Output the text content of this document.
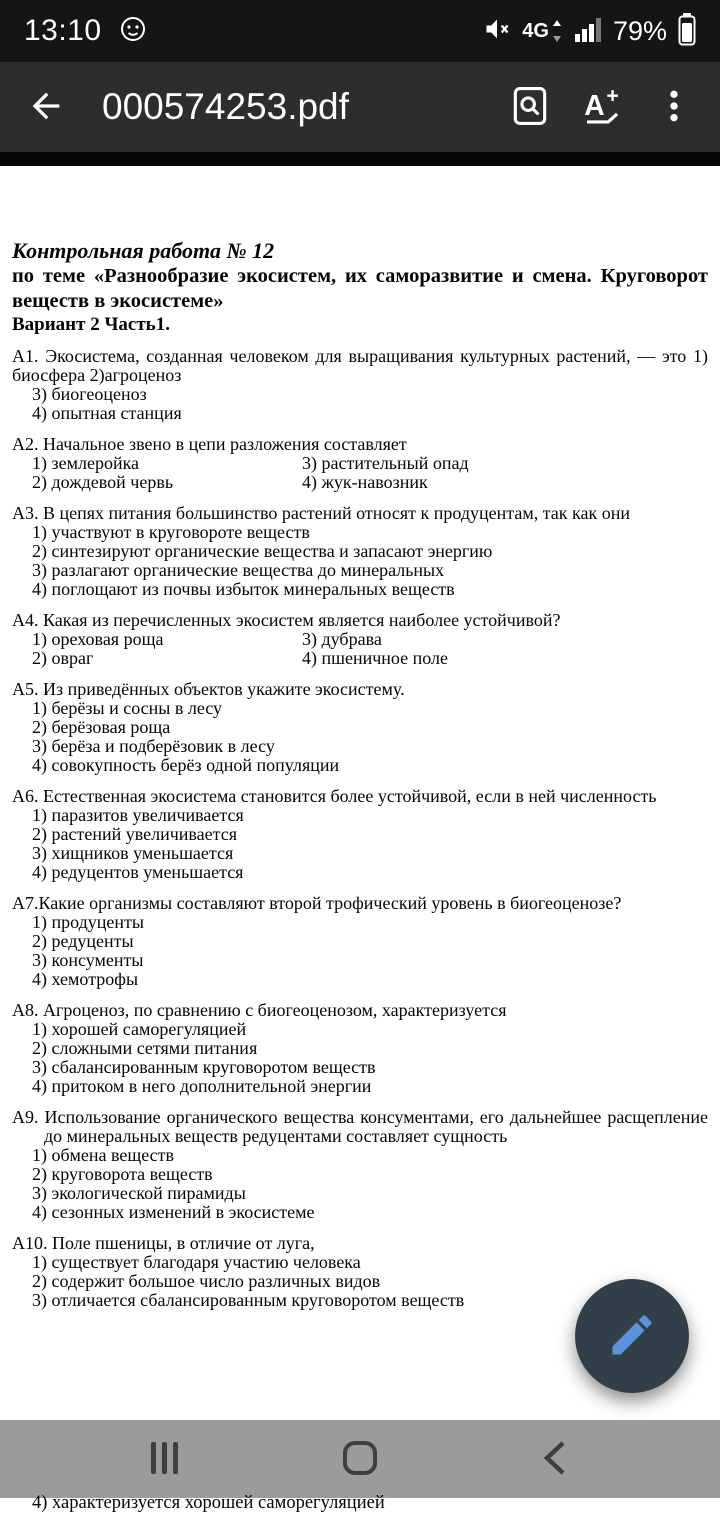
13:10	4G 79%
000574253.pdf	A +
Контрольная работа № 12
по теме «Разнообразие экосистем, их саморазвитие и смена. Круговорот веществ в экосистеме»
Вариант 2 Часть1.
А1. Экосистема, созданная человеком для выращивания культурных растений, — это 1) биосфера 2)агроценоз
3) биогеоценоз
4) опытная станция
А2. Начальное звено в цепи разложения составляет
1) землеройка	3) растительный опад
2) дождевой червь	4) жук-навозник
А3. В цепях питания большинство растений относят к продуцентам, так как они
1) участвуют в круговороте веществ
2) синтезируют органические вещества и запасают энергию
3) разлагают органические вещества до минеральных
4) поглощают из почвы избыток минеральных веществ
А4. Какая из перечисленных экосистем является наиболее устойчивой?
1) ореховая роща	3) дубрава
2) овраг	4) пшеничное поле
А5. Из приведённых объектов укажите экосистему.
1) берёзы и сосны в лесу
2) берёзовая роща
3) берёза и подберёзовик в лесу
4) совокупность берёз одной популяции
А6. Естественная экосистема становится более устойчивой, если в ней численность
1) паразитов увеличивается
2) растений увеличивается
3) хищников уменьшается
4) редуцентов уменьшается
А7.Какие организмы составляют второй трофический уровень в биогеоценозе?
1) продуценты
2) редуценты
3) консументы
4) хемотрофы
А8. Агроценоз, по сравнению с биогеоценозом, характеризуется
1) хорошей саморегуляцией
2) сложными сетями питания
3) сбалансированным круговоротом веществ
4) притоком в него дополнительной энергии
А9. Использование органического вещества консументами, его дальнейшее расщепление до минеральных веществ редуцентами составляет сущность
1) обмена веществ
2) круговорота веществ
3) экологической пирамиды
4) сезонных изменений в экосистеме
А10. Поле пшеницы, в отличие от луга,
1) существует благодаря участию человека
2) содержит большое число различных видов
3) отличается сбалансированным круговоротом веществ
4) характеризуется хорошей саморегуляцией
